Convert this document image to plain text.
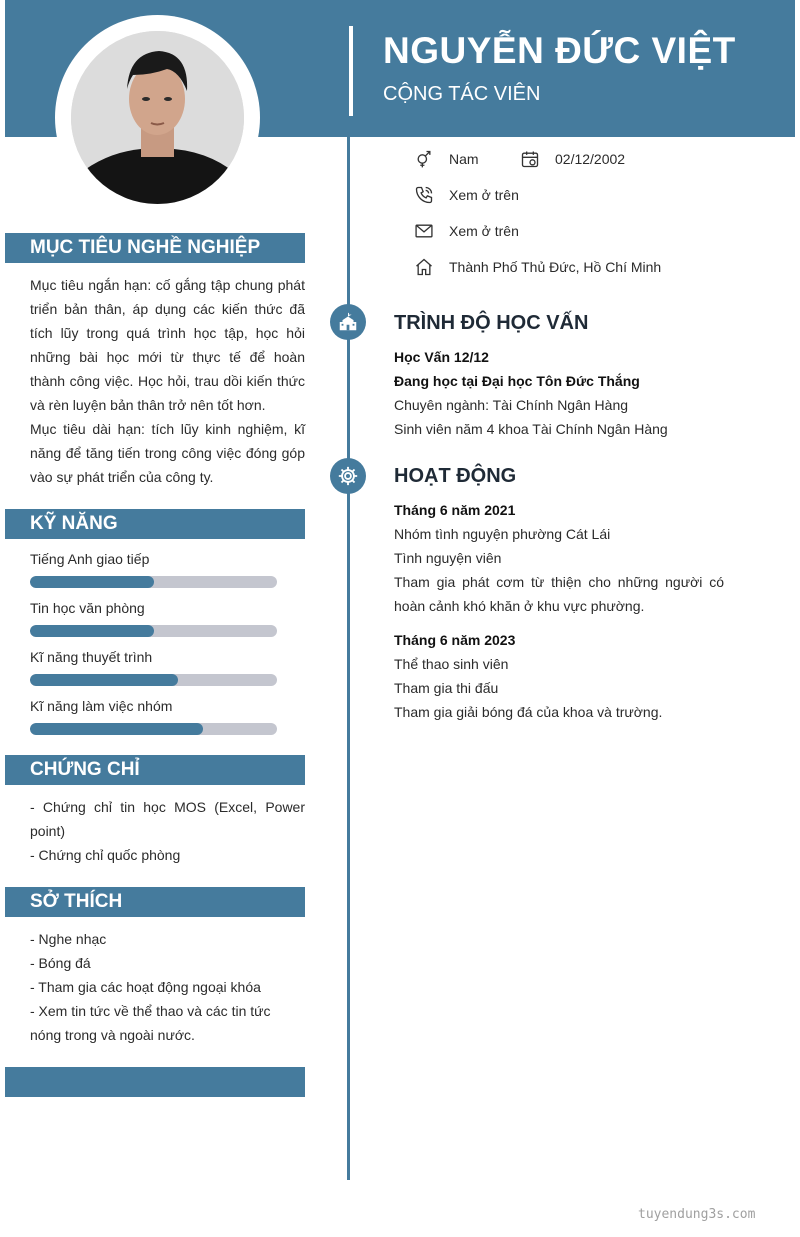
NGUYỄN ĐỨC VIỆT
CỘNG TÁC VIÊN
Nam	02/12/2002
Xem ở trên
Xem ở trên
Thành Phố Thủ Đức, Hồ Chí Minh
MỤC TIÊU NGHỀ NGHIỆP

Mục tiêu ngắn hạn: cố gắng tập chung phát triển bản thân, áp dụng các kiến thức đã tích lũy trong quá trình học tập, học hỏi những bài học mới từ thực tế để hoàn thành công việc. Học hỏi, trau dồi kiến thức và rèn luyện bản thân trở nên tốt hơn.

Mục tiêu dài hạn: tích lũy kinh nghiệm, kĩ năng để tăng tiến trong công việc đóng góp vào sự phát triển của công ty.

KỸ NĂNG
Tiếng Anh giao tiếp
Tin học văn phòng
Kĩ năng thuyết trình
Kĩ năng làm việc nhóm
CHỨNG CHỈ

- Chứng chỉ tin học MOS (Excel, Power point)

- Chứng chỉ quốc phòng

SỞ THÍCH

- Nghe nhạc

- Bóng đá

- Tham gia các hoạt động ngoại khóa

- Xem tin tức về thể thao và các tin tức nóng trong và ngoài nước.

TRÌNH ĐỘ HỌC VẤN
Học Vấn 12/12
Đang học tại Đại học Tôn Đức Thắng
Chuyên ngành: Tài Chính Ngân Hàng
Sinh viên năm 4 khoa Tài Chính Ngân Hàng
HOẠT ĐỘNG
Tháng 6 năm 2021
Nhóm tình nguyện phường Cát Lái
Tình nguyện viên
Tham gia phát cơm từ thiện cho những người có hoàn cảnh khó khăn ở khu vực phường.
Tháng 6 năm 2023
Thể thao sinh viên
Tham gia thi đấu
Tham gia giải bóng đá của khoa và trường.
tuyendung3s.com
